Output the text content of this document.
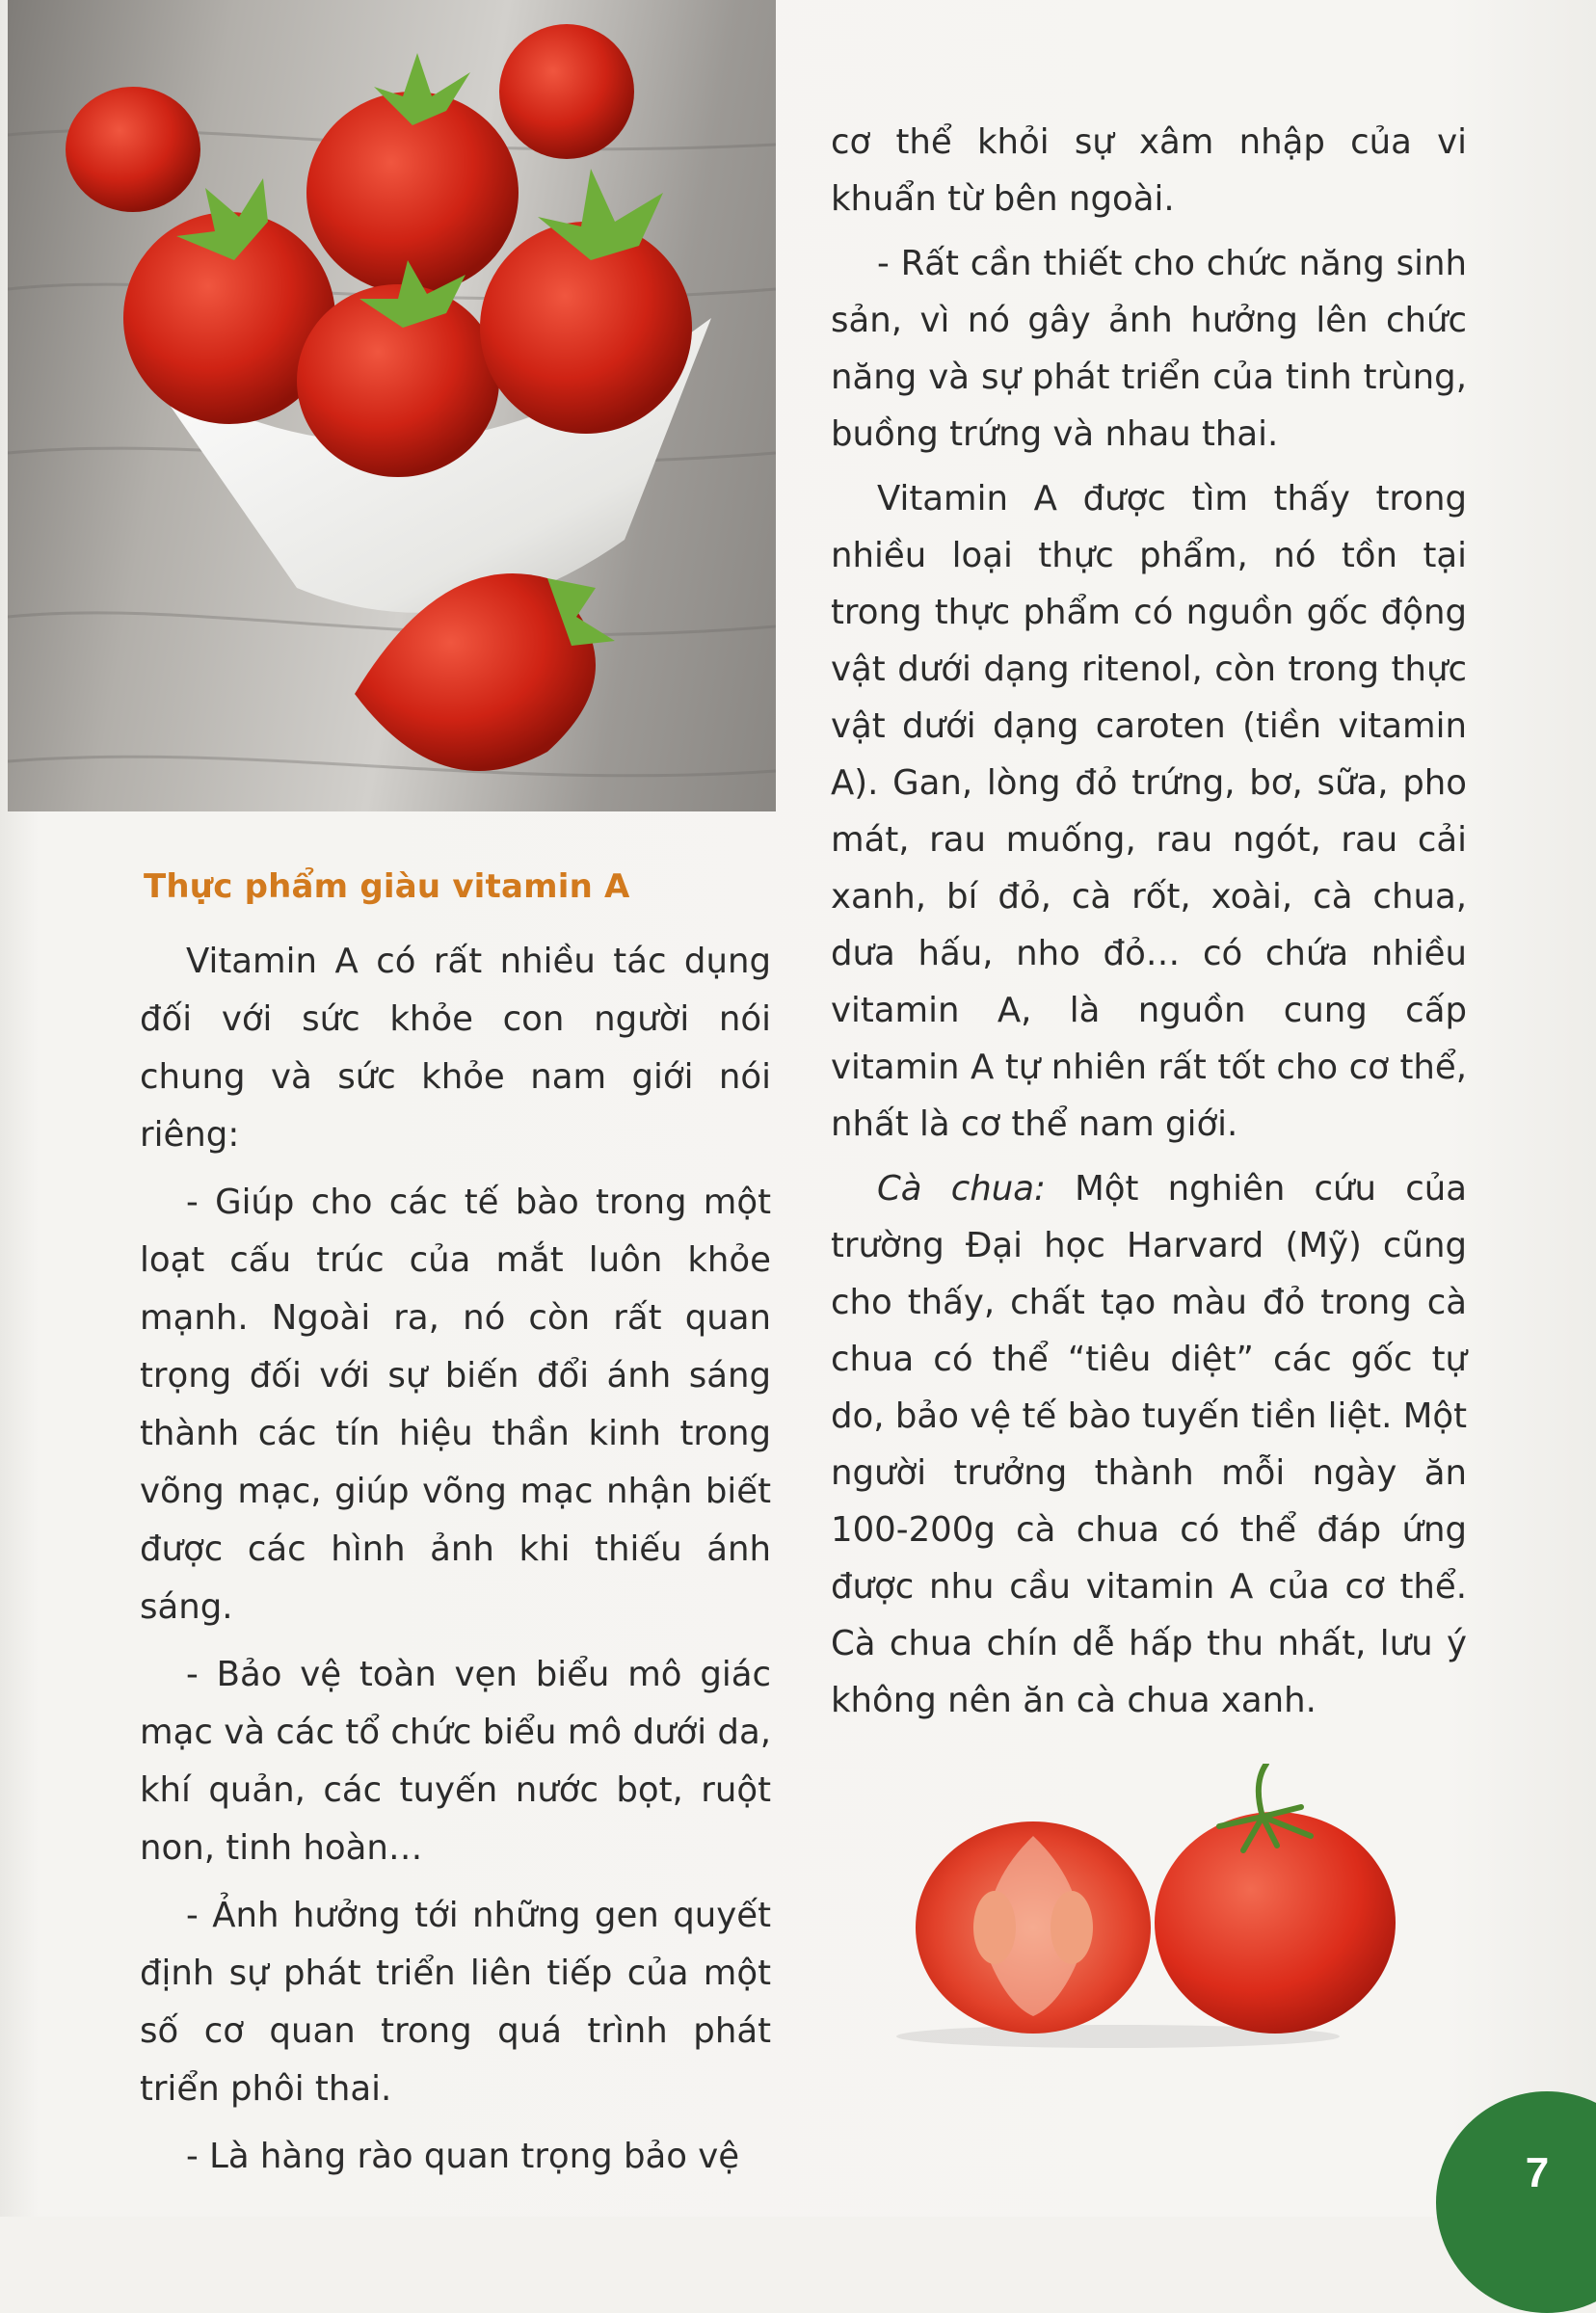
Thực phẩm giàu vitamin A

Vitamin A có rất nhiều tác dụng đối với sức khỏe con người nói chung và sức khỏe nam giới nói riêng:

- Giúp cho các tế bào trong một loạt cấu trúc của mắt luôn khỏe mạnh. Ngoài ra, nó còn rất quan trọng đối với sự biến đổi ánh sáng thành các tín hiệu thần kinh trong võng mạc, giúp võng mạc nhận biết được các hình ảnh khi thiếu ánh sáng.

- Bảo vệ toàn vẹn biểu mô giác mạc và các tổ chức biểu mô dưới da, khí quản, các tuyến nước bọt, ruột non, tinh hoàn…

- Ảnh hưởng tới những gen quyết định sự phát triển liên tiếp của một số cơ quan trong quá trình phát triển phôi thai.

- Là hàng rào quan trọng bảo vệ

cơ thể khỏi sự xâm nhập của vi khuẩn từ bên ngoài.

- Rất cần thiết cho chức năng sinh sản, vì nó gây ảnh hưởng lên chức năng và sự phát triển của tinh trùng, buồng trứng và nhau thai.

Vitamin A được tìm thấy trong nhiều loại thực phẩm, nó tồn tại trong thực phẩm có nguồn gốc động vật dưới dạng ritenol, còn trong thực vật dưới dạng caroten (tiền vitamin A). Gan, lòng đỏ trứng, bơ, sữa, pho mát, rau muống, rau ngót, rau cải xanh, bí đỏ, cà rốt, xoài, cà chua, dưa hấu, nho đỏ… có chứa nhiều vitamin A, là nguồn cung cấp vitamin A tự nhiên rất tốt cho cơ thể, nhất là cơ thể nam giới.

Cà chua: Một nghiên cứu của trường Đại học Harvard (Mỹ) cũng cho thấy, chất tạo màu đỏ trong cà chua có thể “tiêu diệt” các gốc tự do, bảo vệ tế bào tuyến tiền liệt. Một người trưởng thành mỗi ngày ăn 100-200g cà chua có thể đáp ứng được nhu cầu vitamin A của cơ thể. Cà chua chín dễ hấp thu nhất, lưu ý không nên ăn cà chua xanh.

7
